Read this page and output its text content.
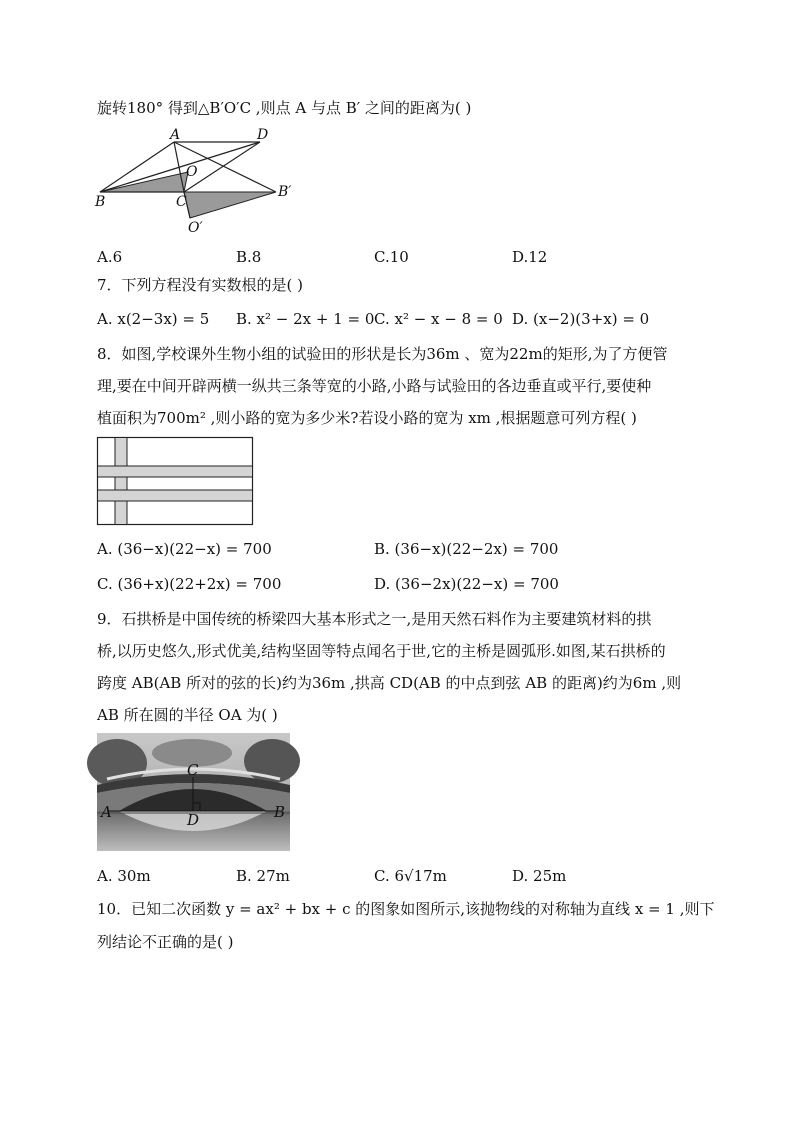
旋转180° 得到△B′O′C ,则点 A 与点 B′ 之间的距离为( )
A	D
O
B	C
B′
O′
A.6	B.8	C.10	D.12
7．下列方程没有实数根的是( )
A. x(2−3x) = 5 B. x² − 2x + 1 = 0 C. x² − x − 8 = 0 D. (x−2)(3+x) = 0
8．如图,学校课外生物小组的试验田的形状是长为36m 、宽为22m的矩形,为了方便管
理,要在中间开辟两横一纵共三条等宽的小路,小路与试验田的各边垂直或平行,要使种
植面积为700m² ,则小路的宽为多少米?若设小路的宽为 xm ,根据题意可列方程( )
A. (36−x)(22−x) = 700	B. (36−x)(22−2x) = 700
C. (36+x)(22+2x) = 700	D. (36−2x)(22−x) = 700
9．石拱桥是中国传统的桥梁四大基本形式之一,是用天然石料作为主要建筑材料的拱
桥,以历史悠久,形式优美,结构坚固等特点闻名于世,它的主桥是圆弧形.如图,某石拱桥的
跨度 AB(AB 所对的弦的长)约为36m ,拱高 CD(AB 的中点到弦 AB 的距离)约为6m ,则
AB 所在圆的半径 OA 为( )
C
D
A	B
A. 30m	B. 27m	C. 6√17m	D. 25m
10．已知二次函数 y = ax² + bx + c 的图象如图所示,该抛物线的对称轴为直线 x = 1 ,则下
列结论不正确的是( )
